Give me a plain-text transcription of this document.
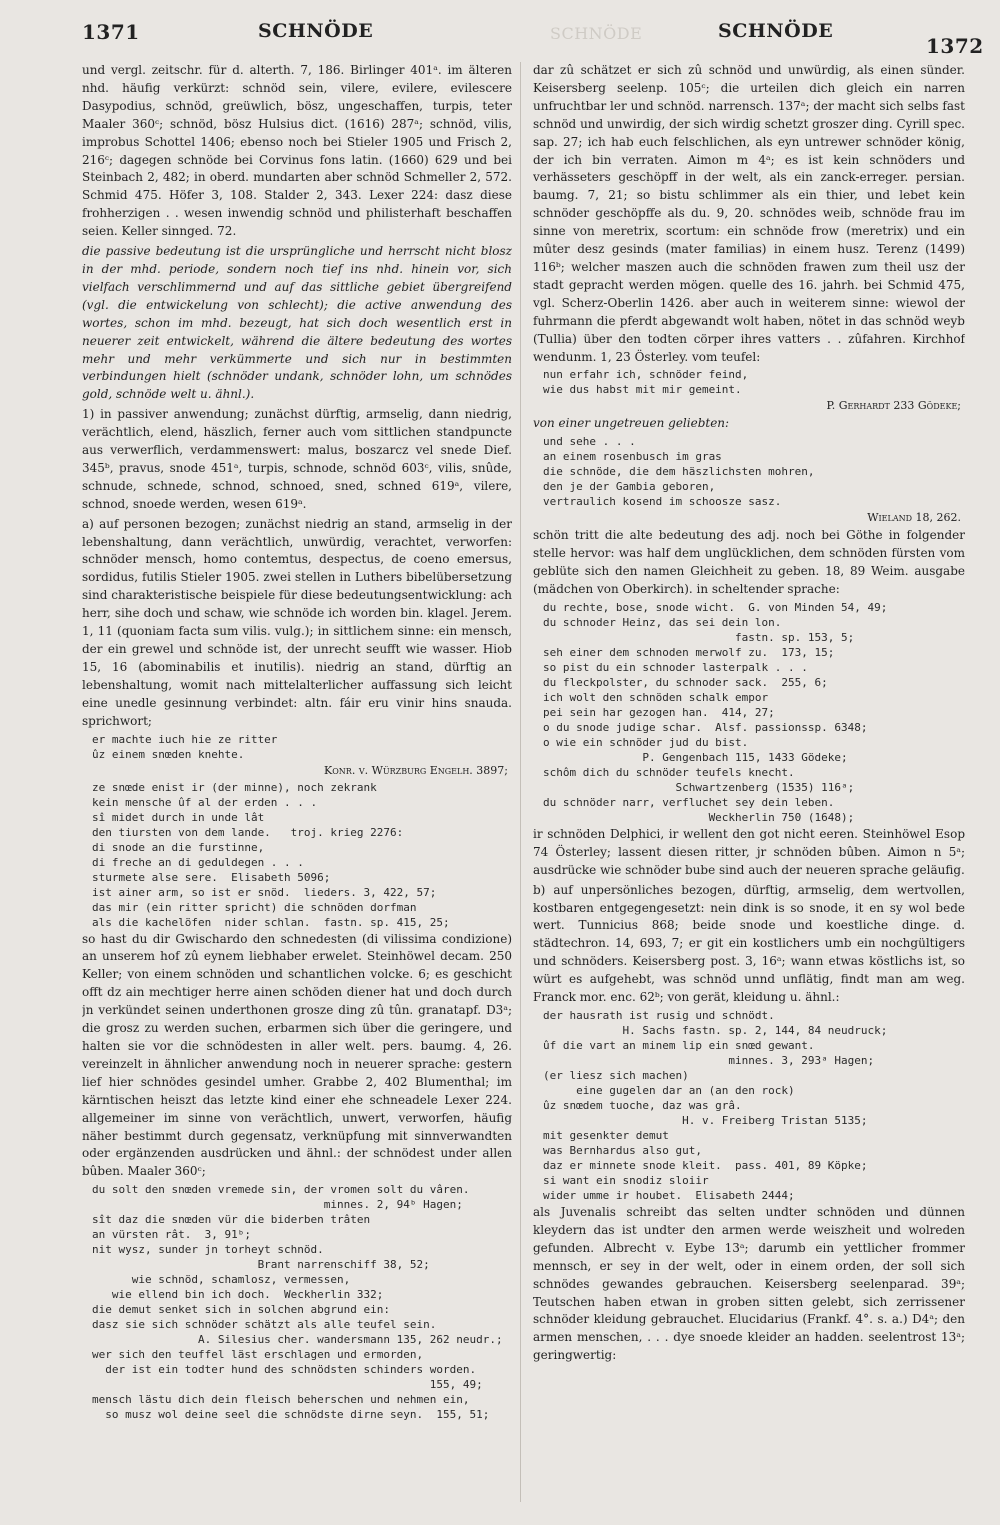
1371	SCHNÖDE	SCHNÖDE	SCHNÖDE
1372

und vergl. zeitschr. für d. alterth. 7, 186. Birlinger 401ᵃ. im älteren nhd. häufig verkürzt: schnöd sein, vilere, evilere, evilescere Dasypodius, schnöd, greüwlich, bösz, ungeschaffen, turpis, teter Maaler 360ᶜ; schnöd, bösz Hulsius dict. (1616) 287ᵃ; schnöd, vilis, improbus Schottel 1406; ebenso noch bei Stieler 1905 und Frisch 2, 216ᶜ; dagegen schnöde bei Corvinus fons latin. (1660) 629 und bei Steinbach 2, 482; in oberd. mundarten aber schnöd Schmeller 2, 572. Schmid 475. Höfer 3, 108. Stalder 2, 343. Lexer 224: dasz diese frohherzigen . . wesen inwendig schnöd und philisterhaft beschaffen seien. Keller sinnged. 72.

die passive bedeutung ist die ursprüngliche und herrscht nicht blosz in der mhd. periode, sondern noch tief ins nhd. hinein vor, sich vielfach verschlimmernd und auf das sittliche gebiet übergreifend (vgl. die entwickelung von schlecht); die active anwendung des wortes, schon im mhd. bezeugt, hat sich doch wesentlich erst in neuerer zeit entwickelt, während die ältere bedeutung des wortes mehr und mehr verkümmerte und sich nur in bestimmten verbindungen hielt (schnöder undank, schnöder lohn, um schnödes gold, schnöde welt u. ähnl.).

1) in passiver anwendung; zunächst dürftig, armselig, dann niedrig, verächtlich, elend, häszlich, ferner auch vom sittlichen standpuncte aus verwerflich, verdammenswert: malus, boszarcz vel snede Dief. 345ᵇ, pravus, snode 451ᵃ, turpis, schnode, schnöd 603ᶜ, vilis, snûde, schnude, schnede, schnod, schnoed, sned, schned 619ᵃ, vilere, schnod, snoede werden, wesen 619ᵃ.

a) auf personen bezogen; zunächst niedrig an stand, armselig in der lebenshaltung, dann verächtlich, unwürdig, verachtet, verworfen: schnöder mensch, homo contemtus, despectus, de coeno emersus, sordidus, futilis Stieler 1905. zwei stellen in Luthers bibelübersetzung sind charakteristische beispiele für diese bedeutungsentwicklung: ach herr, sihe doch und schaw, wie schnöde ich worden bin. klagel. Jerem. 1, 11 (quoniam facta sum vilis. vulg.); in sittlichem sinne: ein mensch, der ein grewel und schnöde ist, der unrecht seufft wie wasser. Hiob 15, 16 (abominabilis et inutilis). niedrig an stand, dürftig an lebenshaltung, womit nach mittelalterlicher auffassung sich leicht eine unedle gesinnung verbindet: altn. fáir eru vinir hins snauda. sprichwort;

er machte iuch hie ze ritter
ûz einem snœden knehte.
Konr. v. Würzburg Engelh. 3897;
ze snœde enist ir (der minne), noch zekrank
kein mensche ûf al der erden . . .
sî midet durch in unde lât
den tiursten von dem lande.   troj. krieg 2276:
di snode an die furstinne,
di freche an di geduldegen . . .
sturmete alse sere.  Elisabeth 5096;
ist ainer arm, so ist er snöd.  lieders. 3, 422, 57;
das mir (ein ritter spricht) die schnöden dorfman
als die kachelöfen  nider schlan.  fastn. sp. 415, 25;

so hast du dir Gwischardo den schnedesten (di vilissima condizione) an unserem hof zû eynem liebhaber erwelet. Steinhöwel decam. 250 Keller; von einem schnöden und schantlichen volcke. 6; es geschicht offt dz ain mechtiger herre ainen schöden diener hat und doch durch jn verkündet seinen underthonen grosze ding zû tûn. granatapf. D3ᵃ; die grosz zu werden suchen, erbarmen sich über die geringere, und halten sie vor die schnödesten in aller welt. pers. baumg. 4, 26. vereinzelt in ähnlicher anwendung noch in neuerer sprache: gestern lief hier schnödes gesindel umher. Grabbe 2, 402 Blumenthal; im kärntischen heiszt das letzte kind einer ehe schneadele Lexer 224. allgemeiner im sinne von verächtlich, unwert, verworfen, häufig näher bestimmt durch gegensatz, verknüpfung mit sinnverwandten oder ergänzenden ausdrücken und ähnl.: der schnödest under allen bûben. Maaler 360ᶜ;

du solt den snœden vremede sin, der vromen solt du vâren.
minnes. 2, 94ᵇ Hagen;
sît daz die snœden vür die biderben trâten
an vürsten rât.  3, 91ᵇ;
nit wysz, sunder jn torheyt schnöd.
Brant narrenschiff 38, 52;
wie schnöd, schamlosz, vermessen,
wie ellend bin ich doch.  Weckherlin 332;
die demut senket sich in solchen abgrund ein:
dasz sie sich schnöder schätzt als alle teufel sein.
A. Silesius cher. wandersmann 135, 262 neudr.;
wer sich den teuffel läst erschlagen und ermorden,
der ist ein todter hund des schnödsten schinders worden.
155, 49;
mensch lästu dich dein fleisch beherschen und nehmen ein,
so musz wol deine seel die schnödste dirne seyn.  155, 51;

dar zû schätzet er sich zû schnöd und unwürdig, als einen sünder. Keisersberg seelenp. 105ᶜ; die urteilen dich gleich ein narren unfruchtbar ler und schnöd. narrensch. 137ᵃ; der macht sich selbs fast schnöd und unwirdig, der sich wirdig schetzt groszer ding. Cyrill spec. sap. 27; ich hab euch felschlichen, als eyn untrewer schnöder könig, der ich bin verraten. Aimon m 4ᵃ; es ist kein schnöders und verhässeters geschöpff in der welt, als ein zanck-erreger. persian. baumg. 7, 21; so bistu schlimmer als ein thier, und lebet kein schnöder geschöpffe als du. 9, 20. schnödes weib, schnöde frau im sinne von meretrix, scortum: ein schnöde frow (meretrix) und ein mûter desz gesinds (mater familias) in einem husz. Terenz (1499) 116ᵇ; welcher maszen auch die schnöden frawen zum theil usz der stadt gepracht werden mögen. quelle des 16. jahrh. bei Schmid 475, vgl. Scherz-Oberlin 1426. aber auch in weiterem sinne: wiewol der fuhrmann die pferdt abgewandt wolt haben, nötet in das schnöd weyb (Tullia) über den todten cörper ihres vatters . . zûfahren. Kirchhof wendunm. 1, 23 Österley. vom teufel:

nun erfahr ich, schnöder feind,
wie dus habst mit mir gemeint.
P. Gerhardt 233 Gödeke;

von einer ungetreuen geliebten:

und sehe . . .
an einem rosenbusch im gras
die schnöde, die dem häszlichsten mohren,
den je der Gambia geboren,
vertraulich kosend im schoosze sasz.
Wieland 18, 262.

schön tritt die alte bedeutung des adj. noch bei Göthe in folgender stelle hervor: was half dem unglücklichen, dem schnöden fürsten vom geblüte sich den namen Gleichheit zu geben. 18, 89 Weim. ausgabe (mädchen von Oberkirch). in scheltender sprache:

du rechte, bose, snode wicht.  G. von Minden 54, 49;
du schnoder Heinz, das sei dein lon.
fastn. sp. 153, 5;
seh einer dem schnoden merwolf zu.  173, 15;
so pist du ein schnoder lasterpalk . . .
du fleckpolster, du schnoder sack.  255, 6;
ich wolt den schnöden schalk empor
pei sein har gezogen han.  414, 27;
o du snode judige schar.  Alsf. passionssp. 6348;
o wie ein schnöder jud du bist.
P. Gengenbach 115, 1433 Gödeke;
schôm dich du schnöder teufels knecht.
Schwartzenberg (1535) 116ᵃ;
du schnöder narr, verfluchet sey dein leben.
Weckherlin 750 (1648);

ir schnöden Delphici, ir wellent den got nicht eeren. Steinhöwel Esop 74 Österley; lassent diesen ritter, jr schnöden bûben. Aimon n 5ᵃ; ausdrücke wie schnöder bube sind auch der neueren sprache geläufig.

b) auf unpersönliches bezogen, dürftig, armselig, dem wertvollen, kostbaren entgegengesetzt: nein dink is so snode, it en sy wol bede wert. Tunnicius 868; beide snode und koestliche dinge. d. städtechron. 14, 693, 7; er git ein kostlichers umb ein nochgültigers und schnöders. Keisersberg post. 3, 16ᵃ; wann etwas köstlichs ist, so würt es aufgehebt, was schnöd unnd unflätig, findt man am weg. Franck mor. enc. 62ᵇ; von gerät, kleidung u. ähnl.:

der hausrath ist rusig und schnödt.
H. Sachs fastn. sp. 2, 144, 84 neudruck;
ûf die vart an minem lip ein snœd gewant.
minnes. 3, 293ᵃ Hagen;
(er liesz sich machen)
eine gugelen dar an (an den rock)
ûz snœdem tuoche, daz was grâ.
H. v. Freiberg Tristan 5135;
mit gesenkter demut
was Bernhardus also gut,
daz er minnete snode kleit.  pass. 401, 89 Köpke;
si want ein snodiz sloiir
wider umme ir houbet.  Elisabeth 2444;

als Juvenalis schreibt das selten undter schnöden und dünnen kleydern das ist undter den armen werde weiszheit und wolreden gefunden. Albrecht v. Eybe 13ᵃ; darumb ein yettlicher frommer mennsch, er sey in der welt, oder in einem orden, der soll sich schnödes gewandes gebrauchen. Keisersberg seelenparad. 39ᵃ; Teutschen haben etwan in groben sitten gelebt, sich zerrissener schnöder kleidung gebrauchet. Elucidarius (Frankf. 4°. s. a.) D4ᵃ; den armen menschen, . . . dye snoede kleider an hadden. seelentrost 13ᵃ; geringwertig:
